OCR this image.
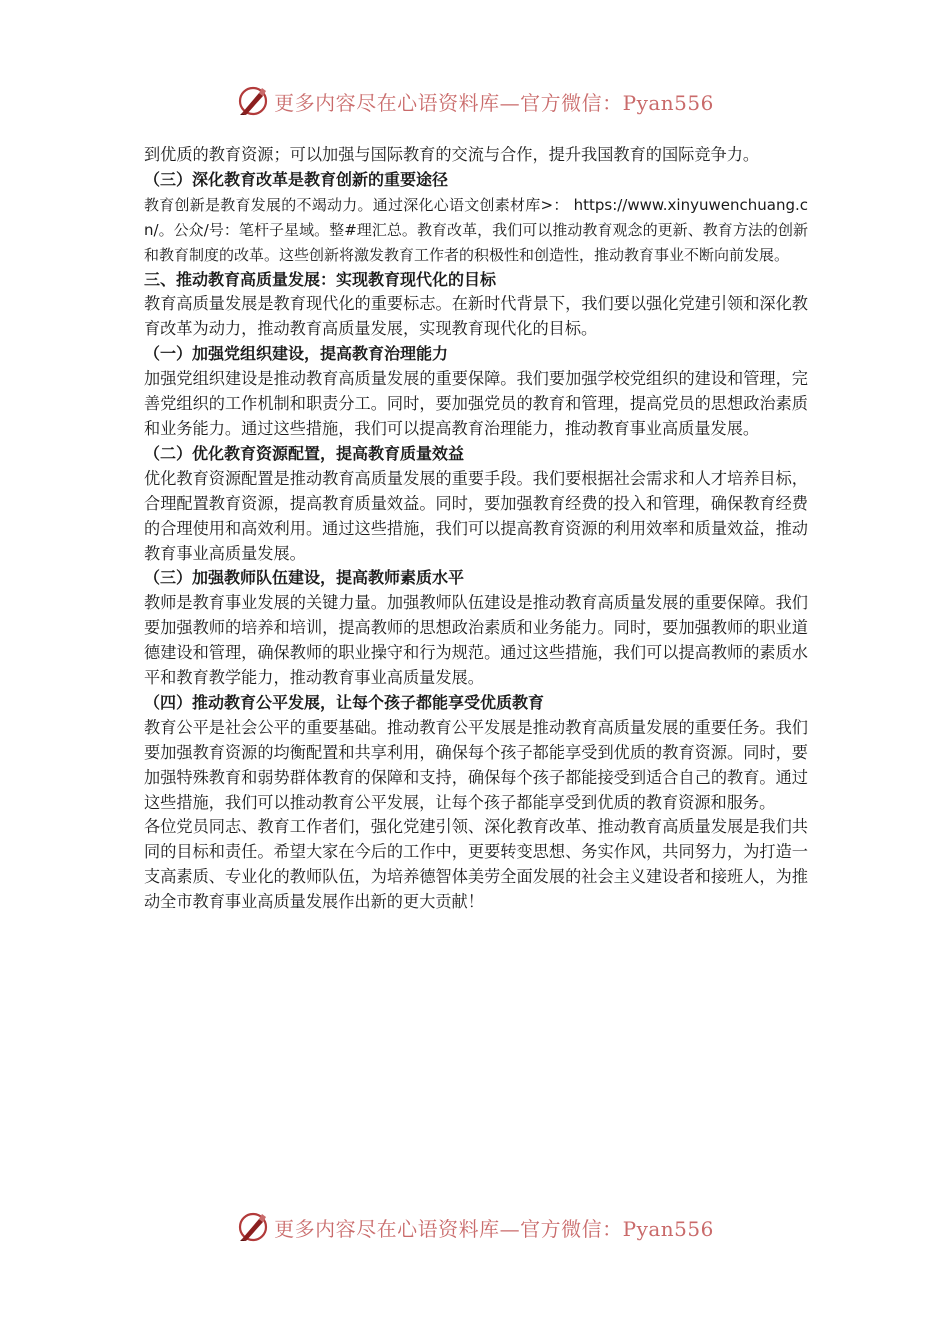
更多内容尽在心语资料库—官方微信：Pyan556

到优质的教育资源；可以加强与国际教育的交流与合作，提升我国教育的国际竞争力。

（三）深化教育改革是教育创新的重要途径

教育创新是教育发展的不竭动力。通过深化心语文创素材库>： https://www.xinyuwenchuang.cn/。公众/号：笔杆子星域。整#理汇总。教育改革，我们可以推动教育观念的更新、教育方法的创新和教育制度的改革。这些创新将激发教育工作者的积极性和创造性，推动教育事业不断向前发展。

三、推动教育高质量发展：实现教育现代化的目标

教育高质量发展是教育现代化的重要标志。在新时代背景下，我们要以强化党建引领和深化教育改革为动力，推动教育高质量发展，实现教育现代化的目标。

（一）加强党组织建设，提高教育治理能力

加强党组织建设是推动教育高质量发展的重要保障。我们要加强学校党组织的建设和管理，完善党组织的工作机制和职责分工。同时，要加强党员的教育和管理，提高党员的思想政治素质和业务能力。通过这些措施，我们可以提高教育治理能力，推动教育事业高质量发展。

（二）优化教育资源配置，提高教育质量效益

优化教育资源配置是推动教育高质量发展的重要手段。我们要根据社会需求和人才培养目标，合理配置教育资源，提高教育质量效益。同时，要加强教育经费的投入和管理，确保教育经费的合理使用和高效利用。通过这些措施，我们可以提高教育资源的利用效率和质量效益，推动教育事业高质量发展。

（三）加强教师队伍建设，提高教师素质水平

教师是教育事业发展的关键力量。加强教师队伍建设是推动教育高质量发展的重要保障。我们要加强教师的培养和培训，提高教师的思想政治素质和业务能力。同时，要加强教师的职业道德建设和管理，确保教师的职业操守和行为规范。通过这些措施，我们可以提高教师的素质水平和教育教学能力，推动教育事业高质量发展。

（四）推动教育公平发展，让每个孩子都能享受优质教育

教育公平是社会公平的重要基础。推动教育公平发展是推动教育高质量发展的重要任务。我们要加强教育资源的均衡配置和共享利用，确保每个孩子都能享受到优质的教育资源。同时，要加强特殊教育和弱势群体教育的保障和支持，确保每个孩子都能接受到适合自己的教育。通过这些措施，我们可以推动教育公平发展，让每个孩子都能享受到优质的教育资源和服务。

各位党员同志、教育工作者们，强化党建引领、深化教育改革、推动教育高质量发展是我们共同的目标和责任。希望大家在今后的工作中，更要转变思想、务实作风，共同努力，为打造一支高素质、专业化的教师队伍，为培养德智体美劳全面发展的社会主义建设者和接班人，为推动全市教育事业高质量发展作出新的更大贡献！

更多内容尽在心语资料库—官方微信：Pyan556
